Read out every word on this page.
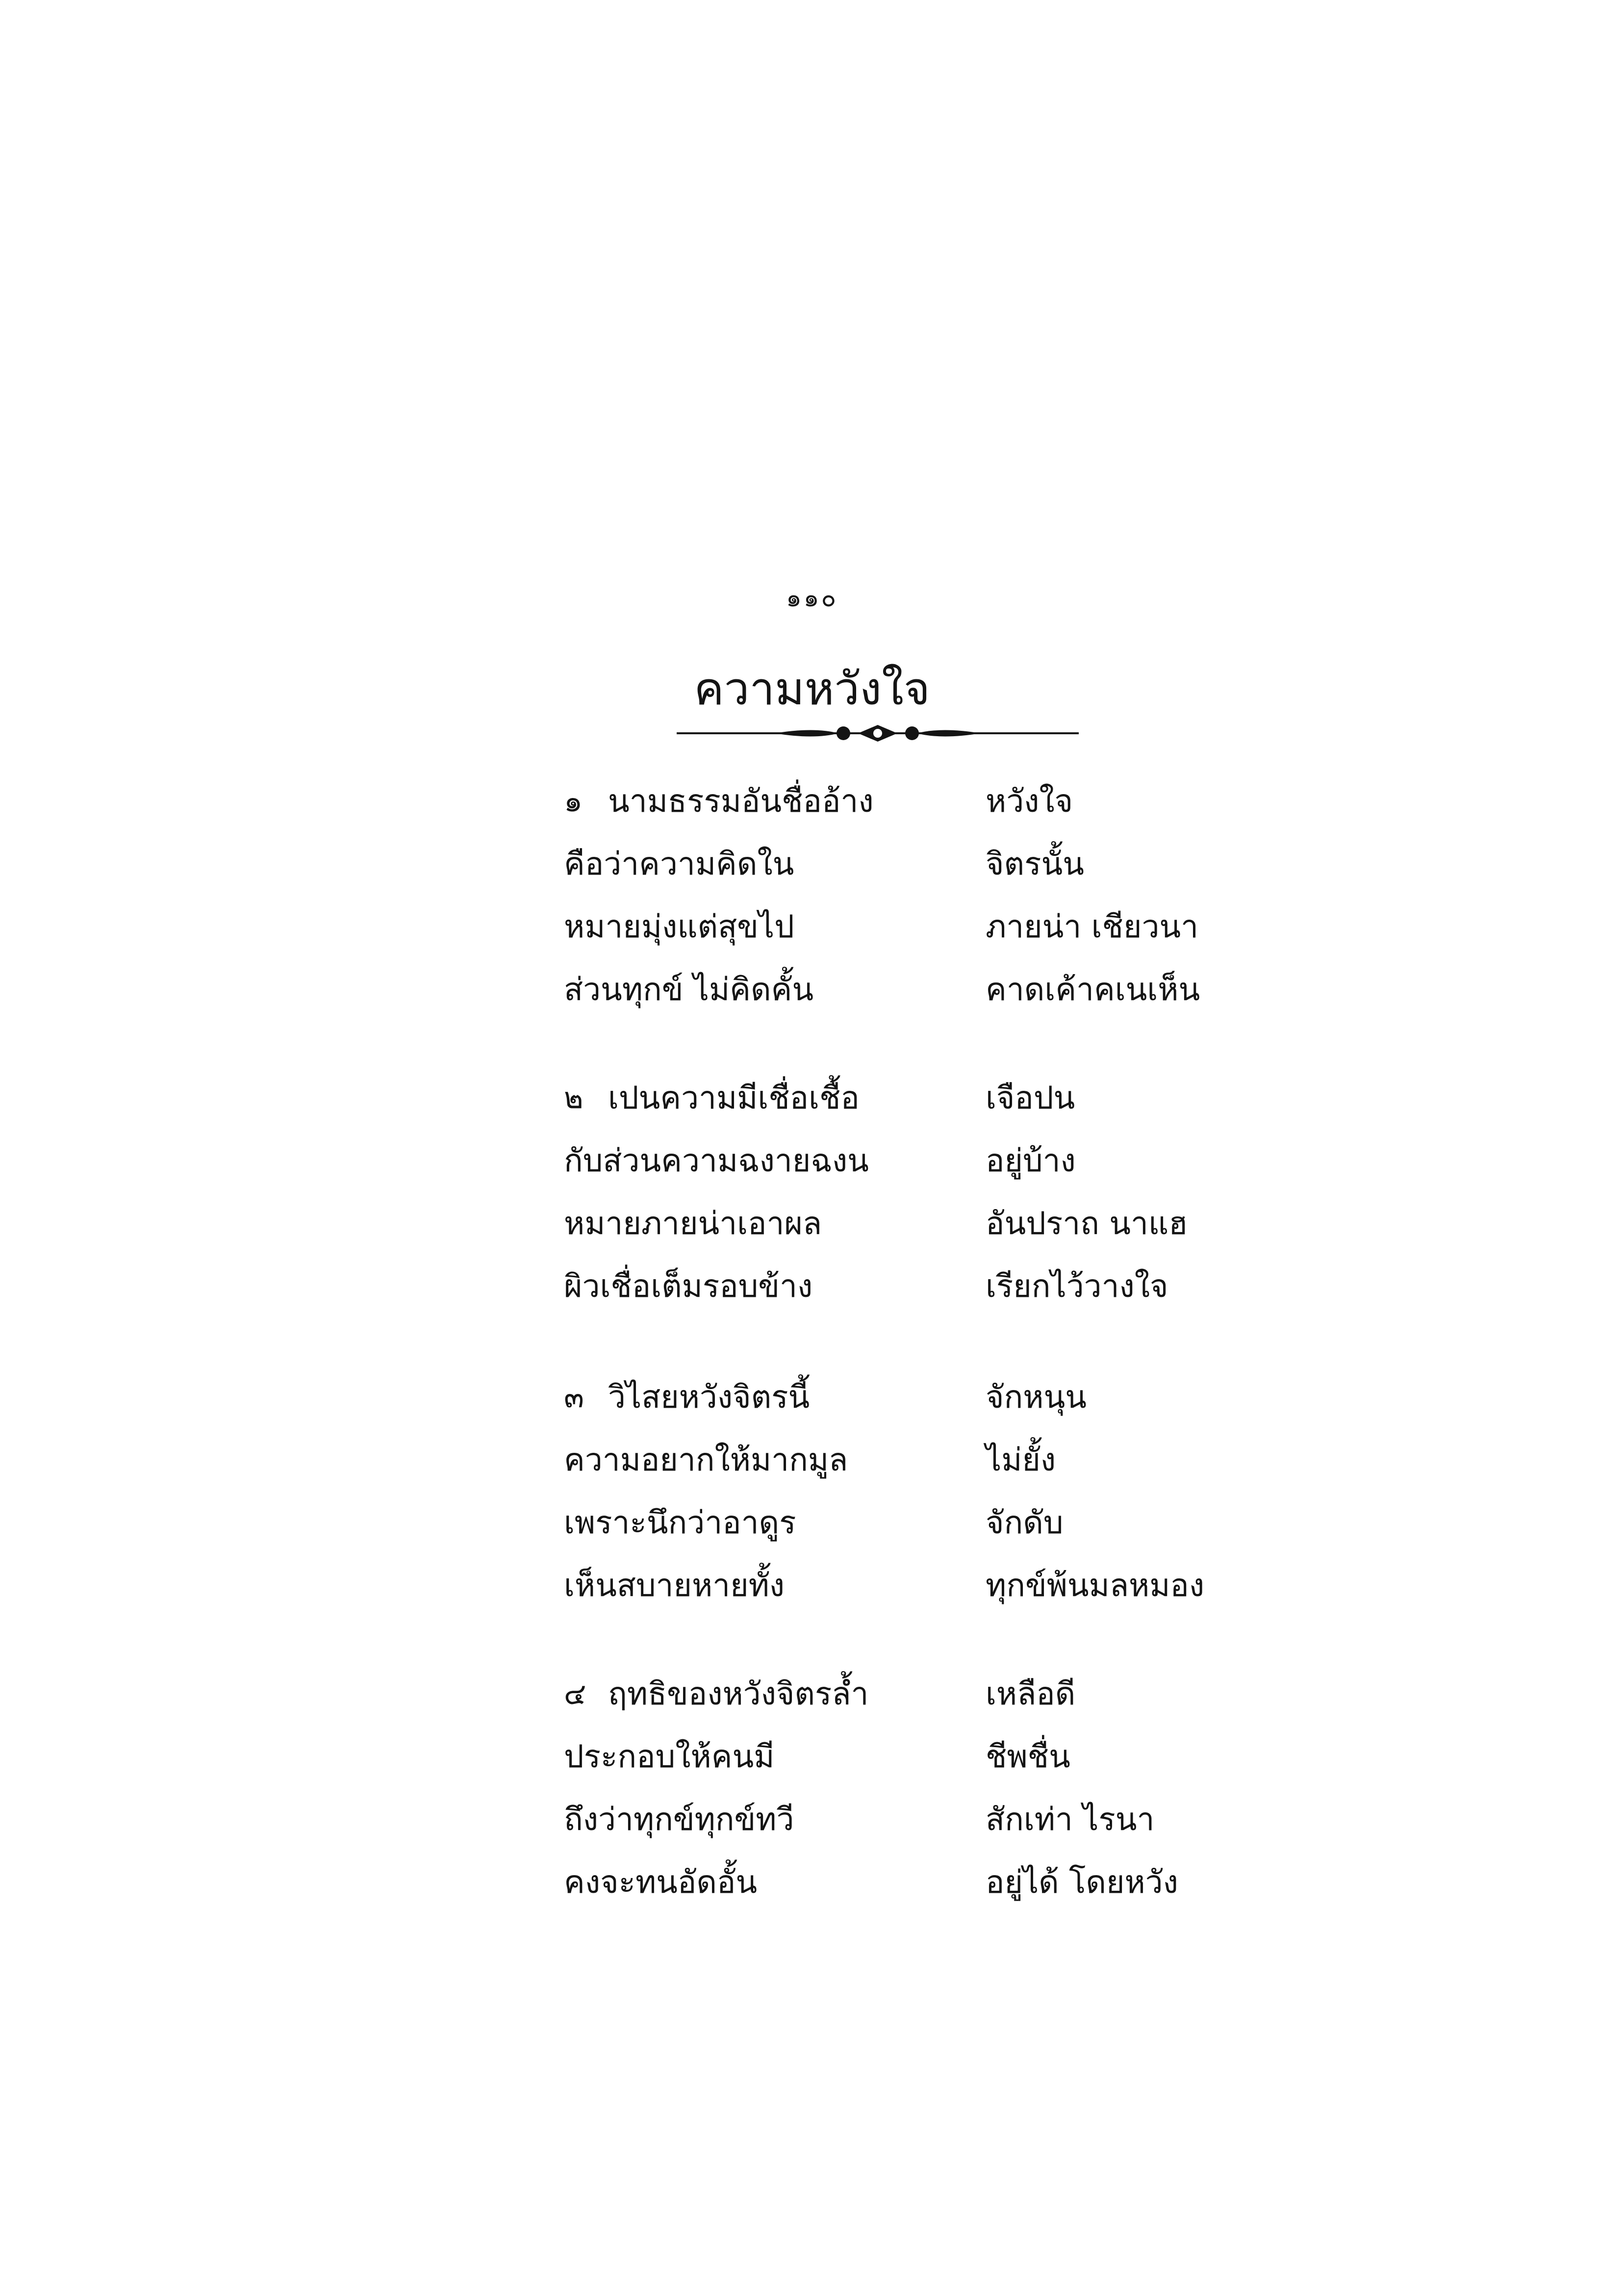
๑๑๐
ความหวังใจ
๑ นามธรรมอันชื่ออ้าง	หวังใจ
คือว่าความคิดใน	จิตรนั้น
หมายมุ่งแต่สุขไป	ภายน่า เชียวนา
ส่วนทุกข์ ไม่คิดคั้น	คาดเค้าคเนเห็น
๒ เปนความมีเชื่อเชื้อ	เจือปน
กับส่วนความฉงายฉงน	อยู่บ้าง
หมายภายน่าเอาผล	อันปราถ นาแฮ
ผิวเชื่อเต็มรอบข้าง	เรียกไว้วางใจ
๓ วิไสยหวังจิตรนี้	จักหนุน
ความอยากให้มากมูล	ไม่ยั้ง
เพราะนึกว่าอาดูร	จักดับ
เห็นสบายหายทั้ง	ทุกข์พ้นมลหมอง
๔ ฤทธิของหวังจิตรล้ำ	เหลือดี
ประกอบให้คนมี	ชีพชื่น
ถึงว่าทุกข์ทุกข์ทวี	สักเท่า ไรนา
คงจะทนอัดอั้น	อยู่ได้ โดยหวัง
